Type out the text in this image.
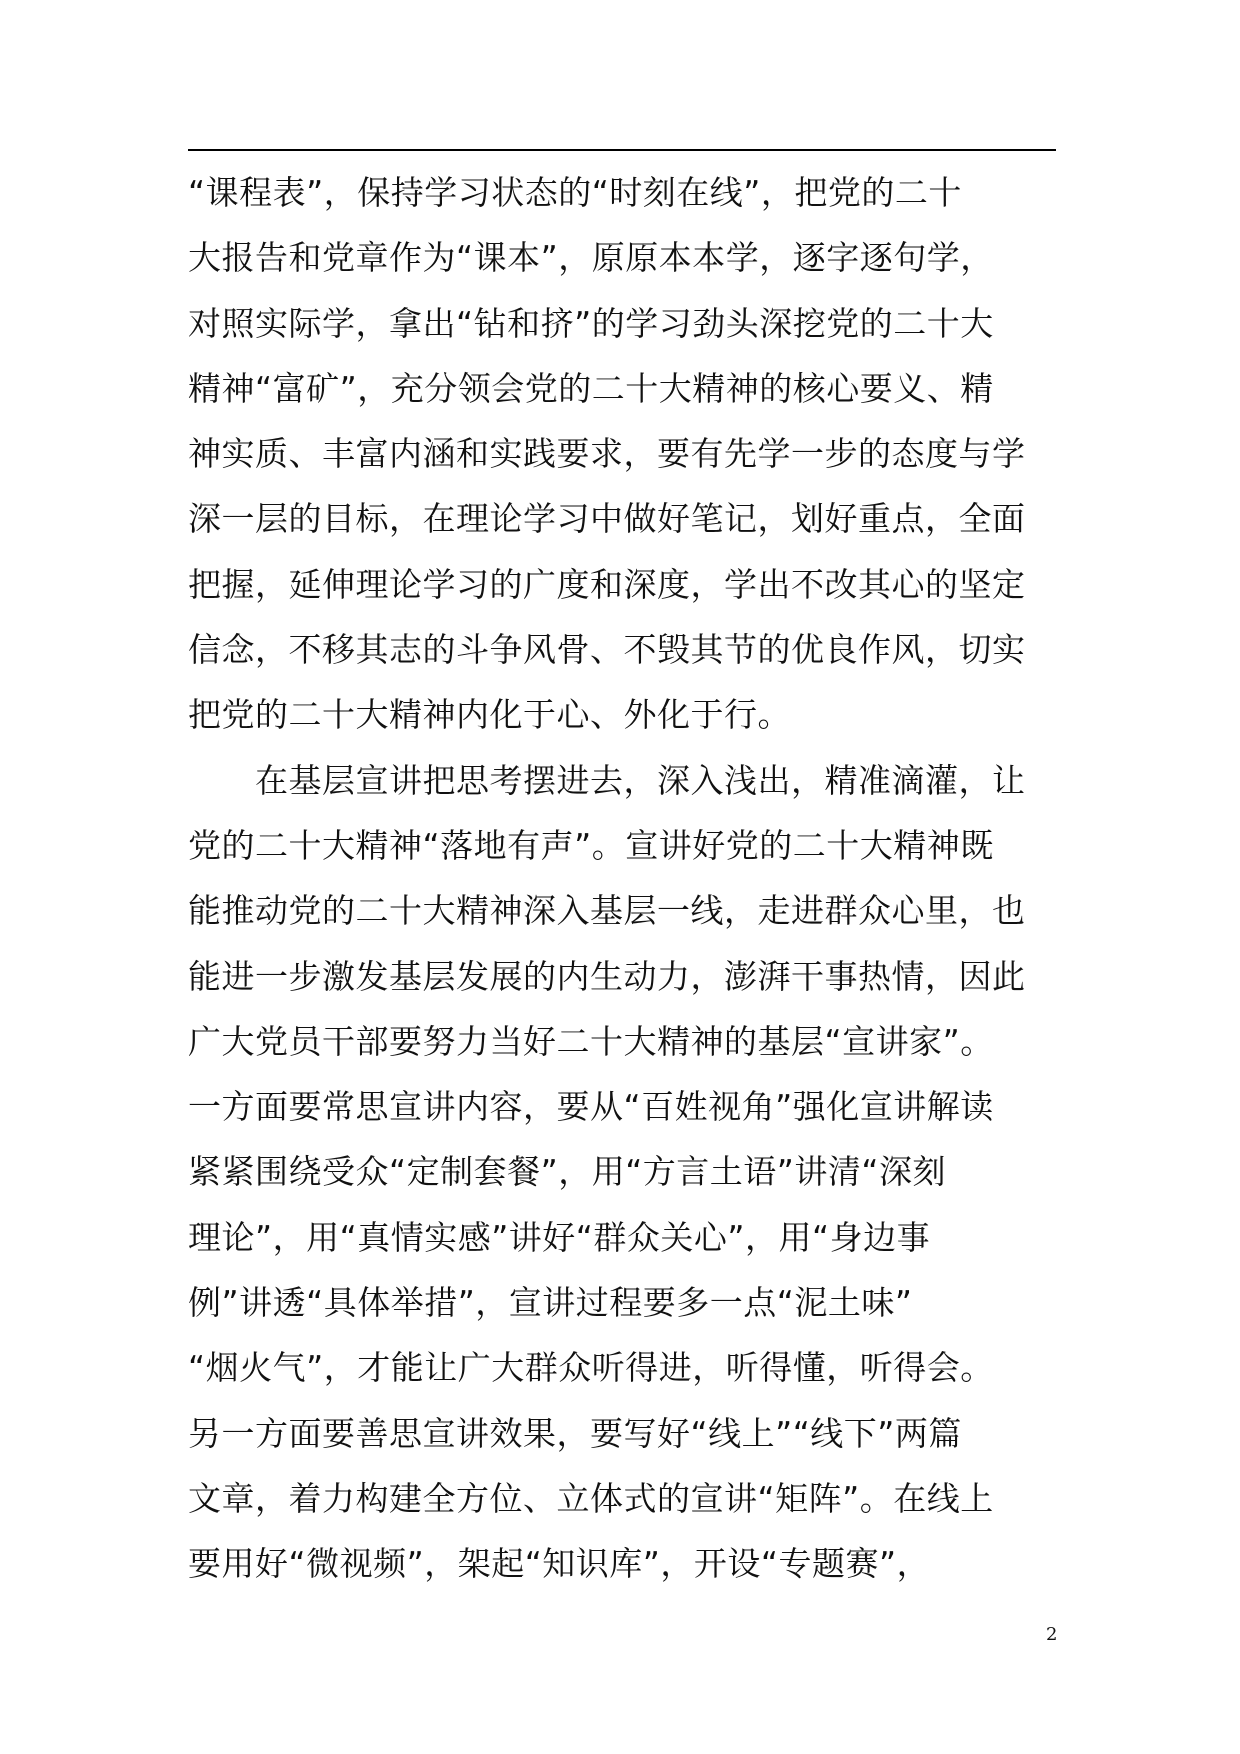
“课程表”，保持学习状态的“时刻在线”，把党的二十
大报告和党章作为“课本”，原原本本学，逐字逐句学，
对照实际学，拿出“钻和挤”的学习劲头深挖党的二十大
精神“富矿”，充分领会党的二十大精神的核心要义、精
神实质、丰富内涵和实践要求，要有先学一步的态度与学
深一层的目标，在理论学习中做好笔记，划好重点，全面
把握，延伸理论学习的广度和深度，学出不改其心的坚定
信念，不移其志的斗争风骨、不毁其节的优良作风，切实
把党的二十大精神内化于心、外化于行。
　　在基层宣讲把思考摆进去，深入浅出，精准滴灌，让
党的二十大精神“落地有声”。宣讲好党的二十大精神既
能推动党的二十大精神深入基层一线，走进群众心里，也
能进一步激发基层发展的内生动力，澎湃干事热情，因此
广大党员干部要努力当好二十大精神的基层“宣讲家”。
一方面要常思宣讲内容，要从“百姓视角”强化宣讲解读
紧紧围绕受众“定制套餐”，用“方言土语”讲清“深刻
理论”，用“真情实感”讲好“群众关心”，用“身边事
例”讲透“具体举措”，宣讲过程要多一点“泥土味”
“烟火气”，才能让广大群众听得进，听得懂，听得会。
另一方面要善思宣讲效果，要写好“线上”“线下”两篇
文章，着力构建全方位、立体式的宣讲“矩阵”。在线上
要用好“微视频”，架起“知识库”，开设“专题赛”，
2
